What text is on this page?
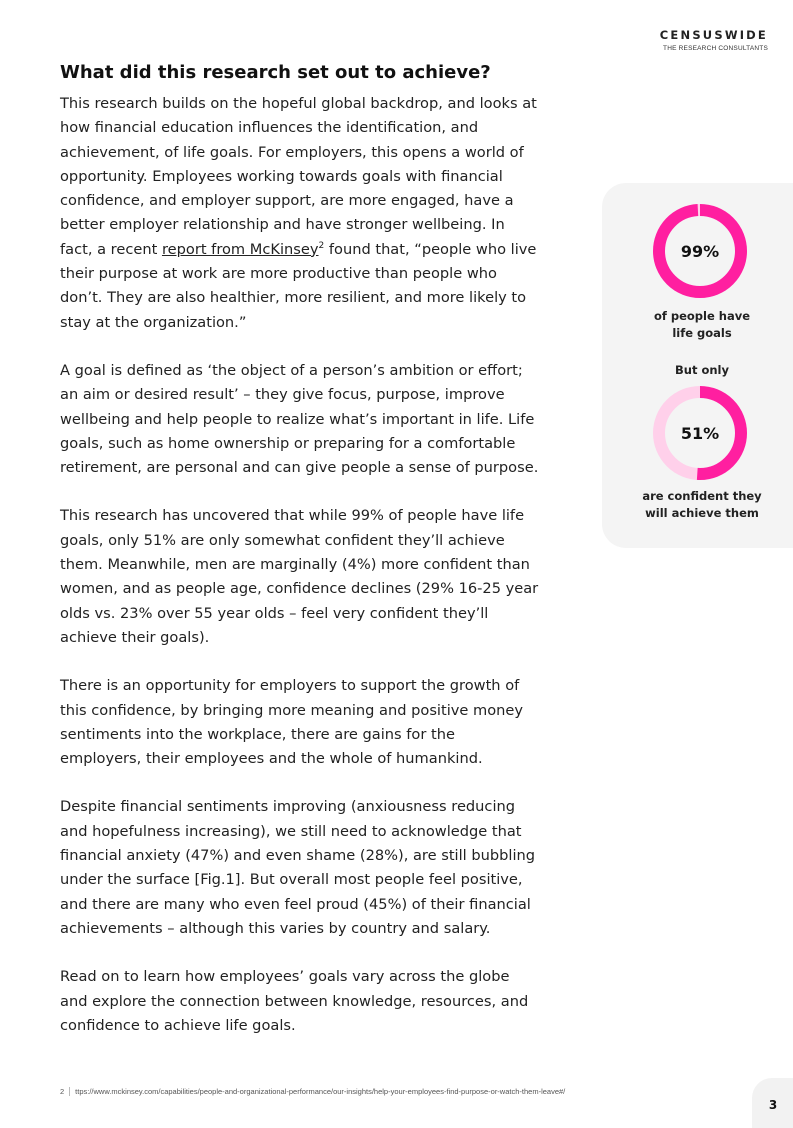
CENSUSWIDE
THE RESEARCH CONSULTANTS
What did this research set out to achieve?

This research builds on the hopeful global backdrop, and looks at how financial education influences the identification, and achievement, of life goals. For employers, this opens a world of opportunity. Employees working towards goals with financial confidence, and employer support, are more engaged, have a better employer relationship and have stronger wellbeing. In fact, a recent report from McKinsey$^2$ found that, “people who live their purpose at work are more productive than people who don’t. They are also healthier, more resilient, and more likely to stay at the organization.”

A goal is defined as ‘the object of a person’s ambition or effort; an aim or desired result’ – they give focus, purpose, improve wellbeing and help people to realize what’s important in life. Life goals, such as home ownership or preparing for a comfortable retirement, are personal and can give people a sense of purpose.

This research has uncovered that while 99% of people have life goals, only 51% are only somewhat confident they’ll achieve them. Meanwhile, men are marginally (4%) more confident than women, and as people age, confidence declines (29% 16-25 year olds vs. 23% over 55 year olds – feel very confident they’ll achieve their goals).

There is an opportunity for employers to support the growth of this confidence, by bringing more meaning and positive money sentiments into the workplace, there are gains for the employers, their employees and the whole of humankind.

Despite financial sentiments improving (anxiousness reducing and hopefulness increasing), we still need to acknowledge that financial anxiety (47%) and even shame (28%), are still bubbling under the surface [Fig.1]. But overall most people feel positive, and there are many who even feel proud (45%) of their financial achievements – although this varies by country and salary.

Read on to learn how employees’ goals vary across the globe and explore the connection between knowledge, resources, and confidence to achieve life goals.

99%
of people have
life goals
But only
51%
are confident they
will achieve them
2	ttps://www.mckinsey.com/capabilities/people-and-organizational-performance/our-insights/help-your-employees-find-purpose-or-watch-them-leave#/
3
